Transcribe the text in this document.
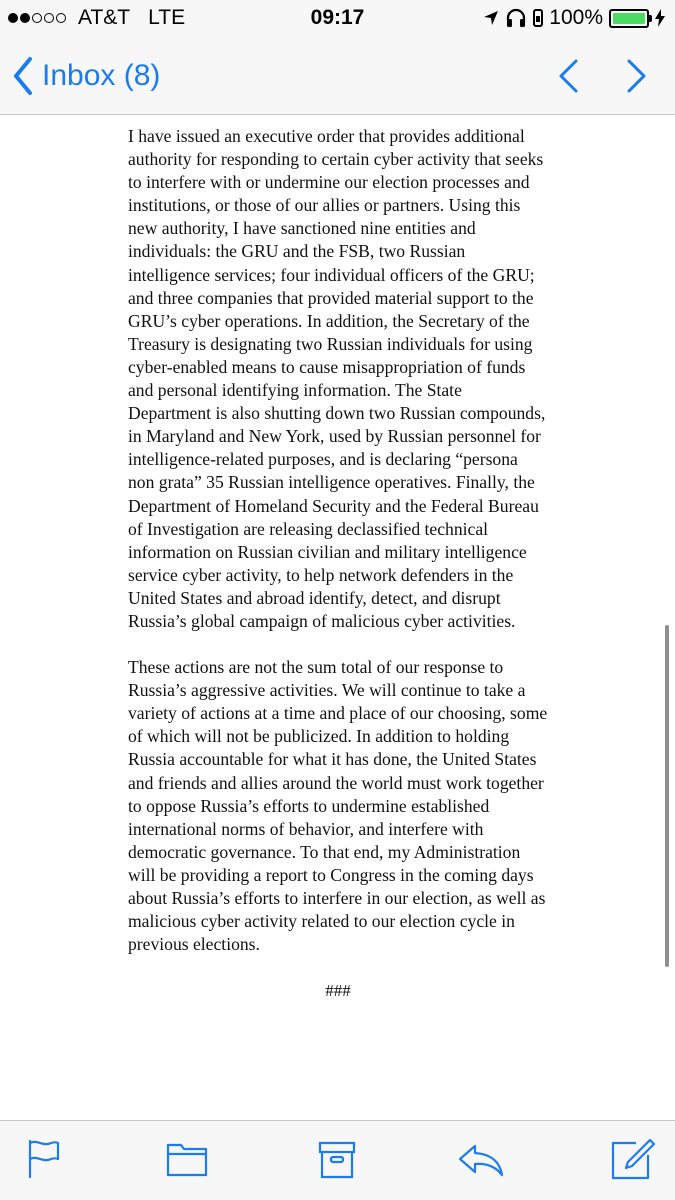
AT&T LTE	09:17	100%
Inbox (8)

I have issued an executive order that provides additional authority for responding to certain cyber activity that seeks to interfere with or undermine our election processes and institutions, or those of our allies or partners. Using this new authority, I have sanctioned nine entities and individuals: the GRU and the FSB, two Russian intelligence services; four individual officers of the GRU; and three companies that provided material support to the GRU’s cyber operations. In addition, the Secretary of the Treasury is designating two Russian individuals for using cyber-enabled means to cause misappropriation of funds and personal identifying information. The State Department is also shutting down two Russian compounds, in Maryland and New York, used by Russian personnel for intelligence-related purposes, and is declaring “persona non grata” 35 Russian intelligence operatives. Finally, the Department of Homeland Security and the Federal Bureau of Investigation are releasing declassified technical information on Russian civilian and military intelligence service cyber activity, to help network defenders in the United States and abroad identify, detect, and disrupt Russia’s global campaign of malicious cyber activities.

These actions are not the sum total of our response to Russia’s aggressive activities. We will continue to take a variety of actions at a time and place of our choosing, some of which will not be publicized. In addition to holding Russia accountable for what it has done, the United States and friends and allies around the world must work together to oppose Russia’s efforts to undermine established international norms of behavior, and interfere with democratic governance. To that end, my Administration will be providing a report to Congress in the coming days about Russia’s efforts to interfere in our election, as well as malicious cyber activity related to our election cycle in previous elections.

###
